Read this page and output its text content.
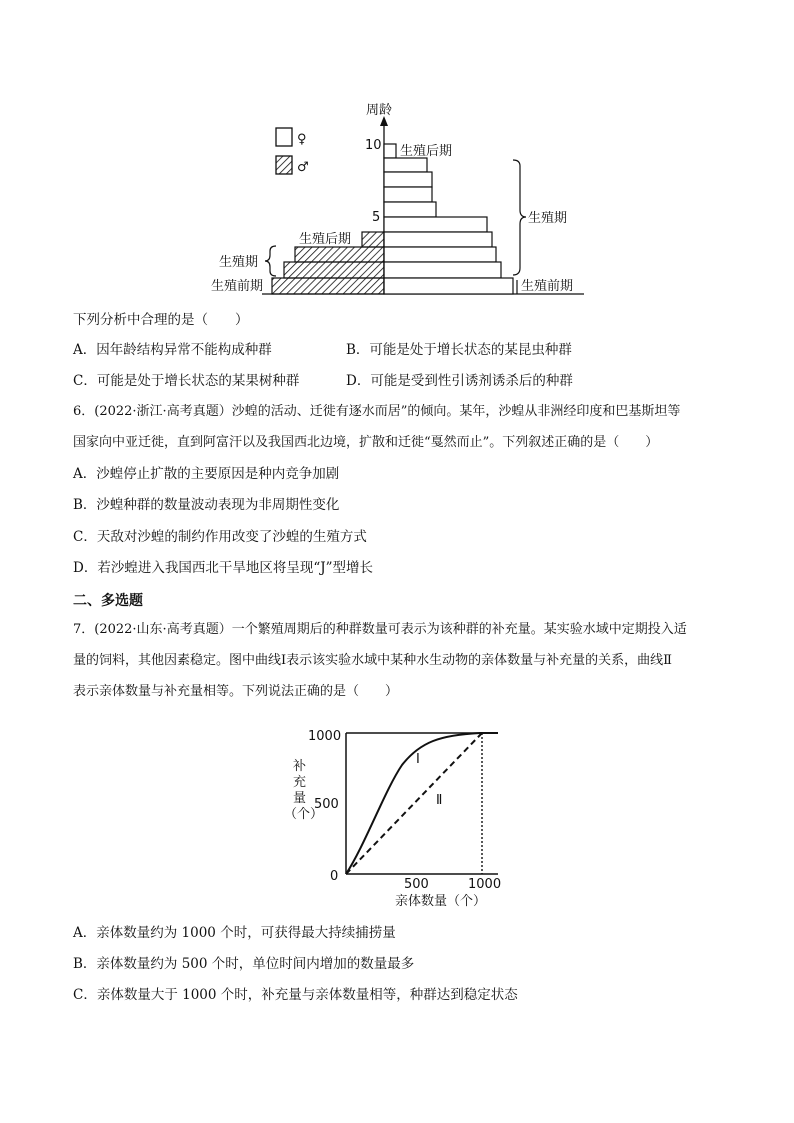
周龄
10
5
♀
♂
生殖后期
生殖期
生殖前期
生殖后期
生殖期
生殖前期
下列分析中合理的是（　　）
A．因年龄结构异常不能构成种群	B．可能是处于增长状态的某昆虫种群
C．可能是处于增长状态的某果树种群	D．可能是受到性引诱剂诱杀后的种群
6．(2022·浙江·高考真题）沙蝗的活动、迁徙有逐水而居”的倾向。某年，沙蝗从非洲经印度和巴基斯坦等
国家向中亚迁徙，直到阿富汗以及我国西北边境，扩散和迁徙“戛然而止”。下列叙述正确的是（　　）
A．沙蝗停止扩散的主要原因是种内竞争加剧
B．沙蝗种群的数量波动表现为非周期性变化
C．天敌对沙蝗的制约作用改变了沙蝗的生殖方式
D．若沙蝗进入我国西北干旱地区将呈现“J”型增长
二、多选题
7．(2022·山东·高考真题）一个繁殖周期后的种群数量可表示为该种群的补充量。某实验水域中定期投入适
量的饲料，其他因素稳定。图中曲线Ⅰ表示该实验水域中某种水生动物的亲体数量与补充量的关系，曲线Ⅱ
表示亲体数量与补充量相等。下列说法正确的是（　　）
1000
500
0
补
充
量
（个）
500	1000
亲体数量（个）
Ⅰ
Ⅱ
A．亲体数量约为 1000 个时，可获得最大持续捕捞量
B．亲体数量约为 500 个时，单位时间内增加的数量最多
C．亲体数量大于 1000 个时，补充量与亲体数量相等，种群达到稳定状态
